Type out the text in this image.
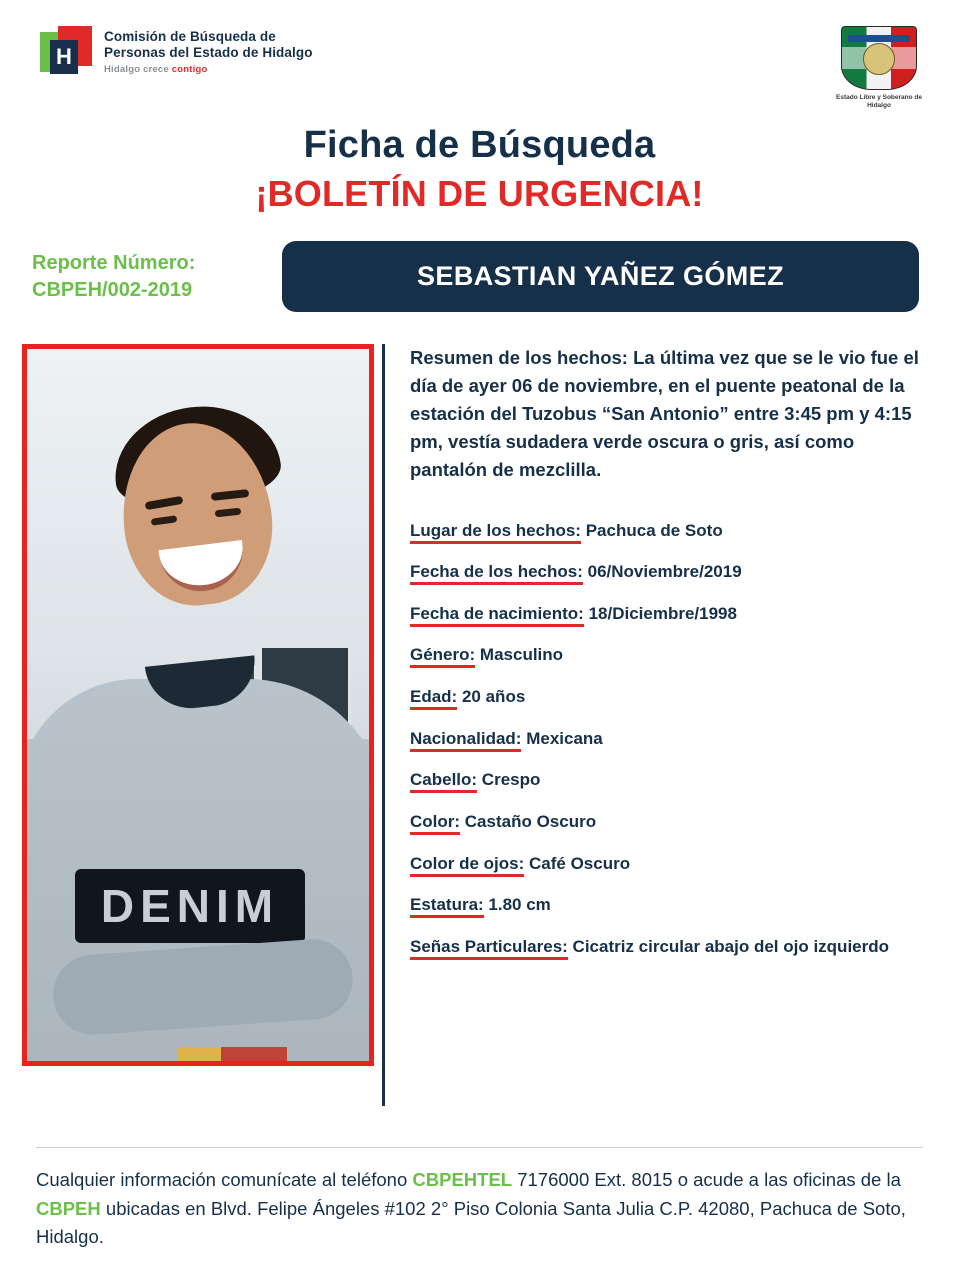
H
Comisión de Búsqueda de
Personas del Estado de Hidalgo
Hidalgo crece contigo
Estado Libre y Soberano de Hidalgo
Ficha de Búsqueda
¡BOLETÍN DE URGENCIA!
Reporte Número:
CBPEH/002-2019	SEBASTIAN YAÑEZ GÓMEZ
DENIM
Resumen de los hechos: La última vez que se le vio fue el día de ayer 06 de noviembre, en el puente peatonal de la estación del Tuzobus “San Antonio” entre 3:45 pm y 4:15 pm, vestía sudadera verde oscura o gris, así como pantalón de mezclilla.
Lugar de los hechos: Pachuca de Soto
Fecha de los hechos: 06/Noviembre/2019
Fecha de nacimiento: 18/Diciembre/1998
Género: Masculino
Edad: 20 años
Nacionalidad: Mexicana
Cabello: Crespo
Color: Castaño Oscuro
Color de ojos: Café Oscuro
Estatura: 1.80 cm
Señas Particulares: Cicatriz circular abajo del ojo izquierdo
Cualquier información comunícate al teléfono CBPEHTEL 7176000 Ext. 8015 o acude a las oficinas de la CBPEH ubicadas en Blvd. Felipe Ángeles #102 2° Piso Colonia Santa Julia C.P. 42080, Pachuca de Soto, Hidalgo.
